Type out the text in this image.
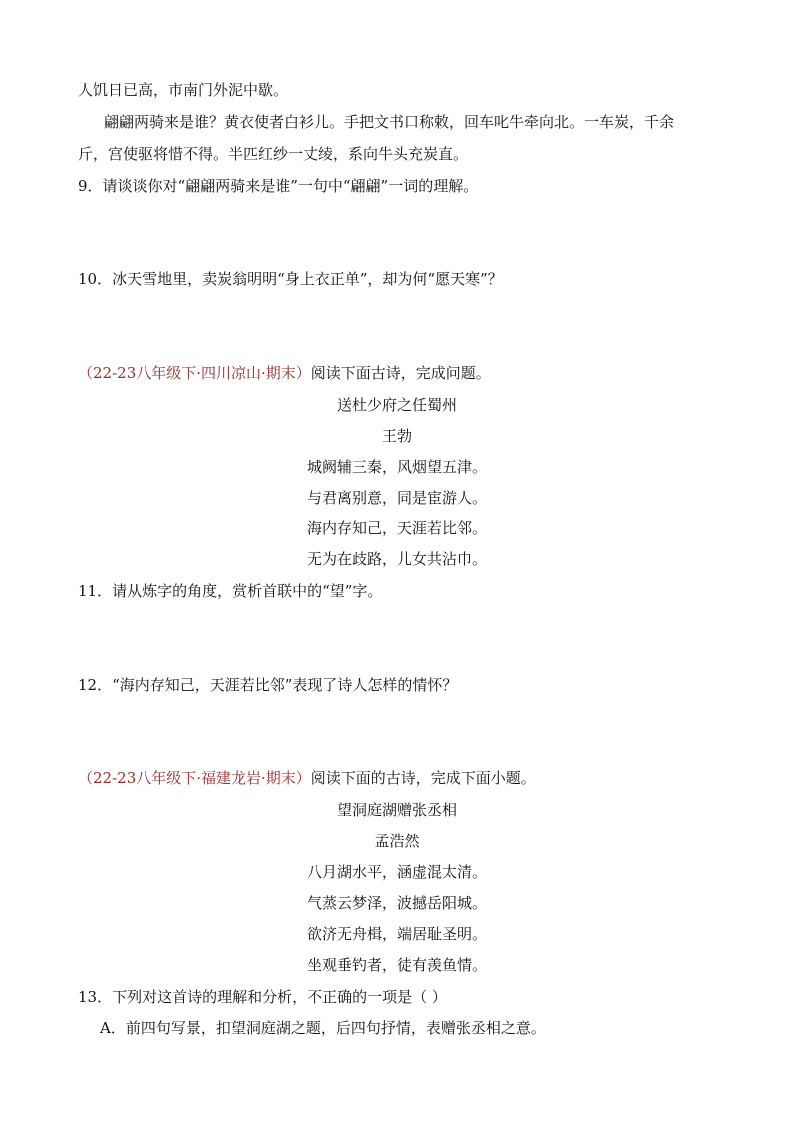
人饥日已高，市南门外泥中歇。
翩翩两骑来是谁？黄衣使者白衫儿。手把文书口称敕，回车叱牛牵向北。一车炭，千余
斤，宫使驱将惜不得。半匹红纱一丈绫，系向牛头充炭直。
9．请谈谈你对“翩翩两骑来是谁”一句中“翩翩”一词的理解。
10．冰天雪地里，卖炭翁明明“身上衣正单”，却为何“愿天寒”？
（22-23八年级下·四川凉山·期末）阅读下面古诗，完成问题。
送杜少府之任蜀州
王勃
城阙辅三秦，风烟望五津。
与君离别意，同是宦游人。
海内存知己，天涯若比邻。
无为在歧路，儿女共沾巾。
11．请从炼字的角度，赏析首联中的“望”字。
12．“海内存知己，天涯若比邻”表现了诗人怎样的情怀？
（22-23八年级下·福建龙岩·期末）阅读下面的古诗，完成下面小题。
望洞庭湖赠张丞相
孟浩然
八月湖水平，涵虚混太清。
气蒸云梦泽，波撼岳阳城。
欲济无舟楫，端居耻圣明。
坐观垂钓者，徒有羡鱼情。
13．下列对这首诗的理解和分析，不正确的一项是（ ）
A．前四句写景，扣望洞庭湖之题，后四句抒情，表赠张丞相之意。
